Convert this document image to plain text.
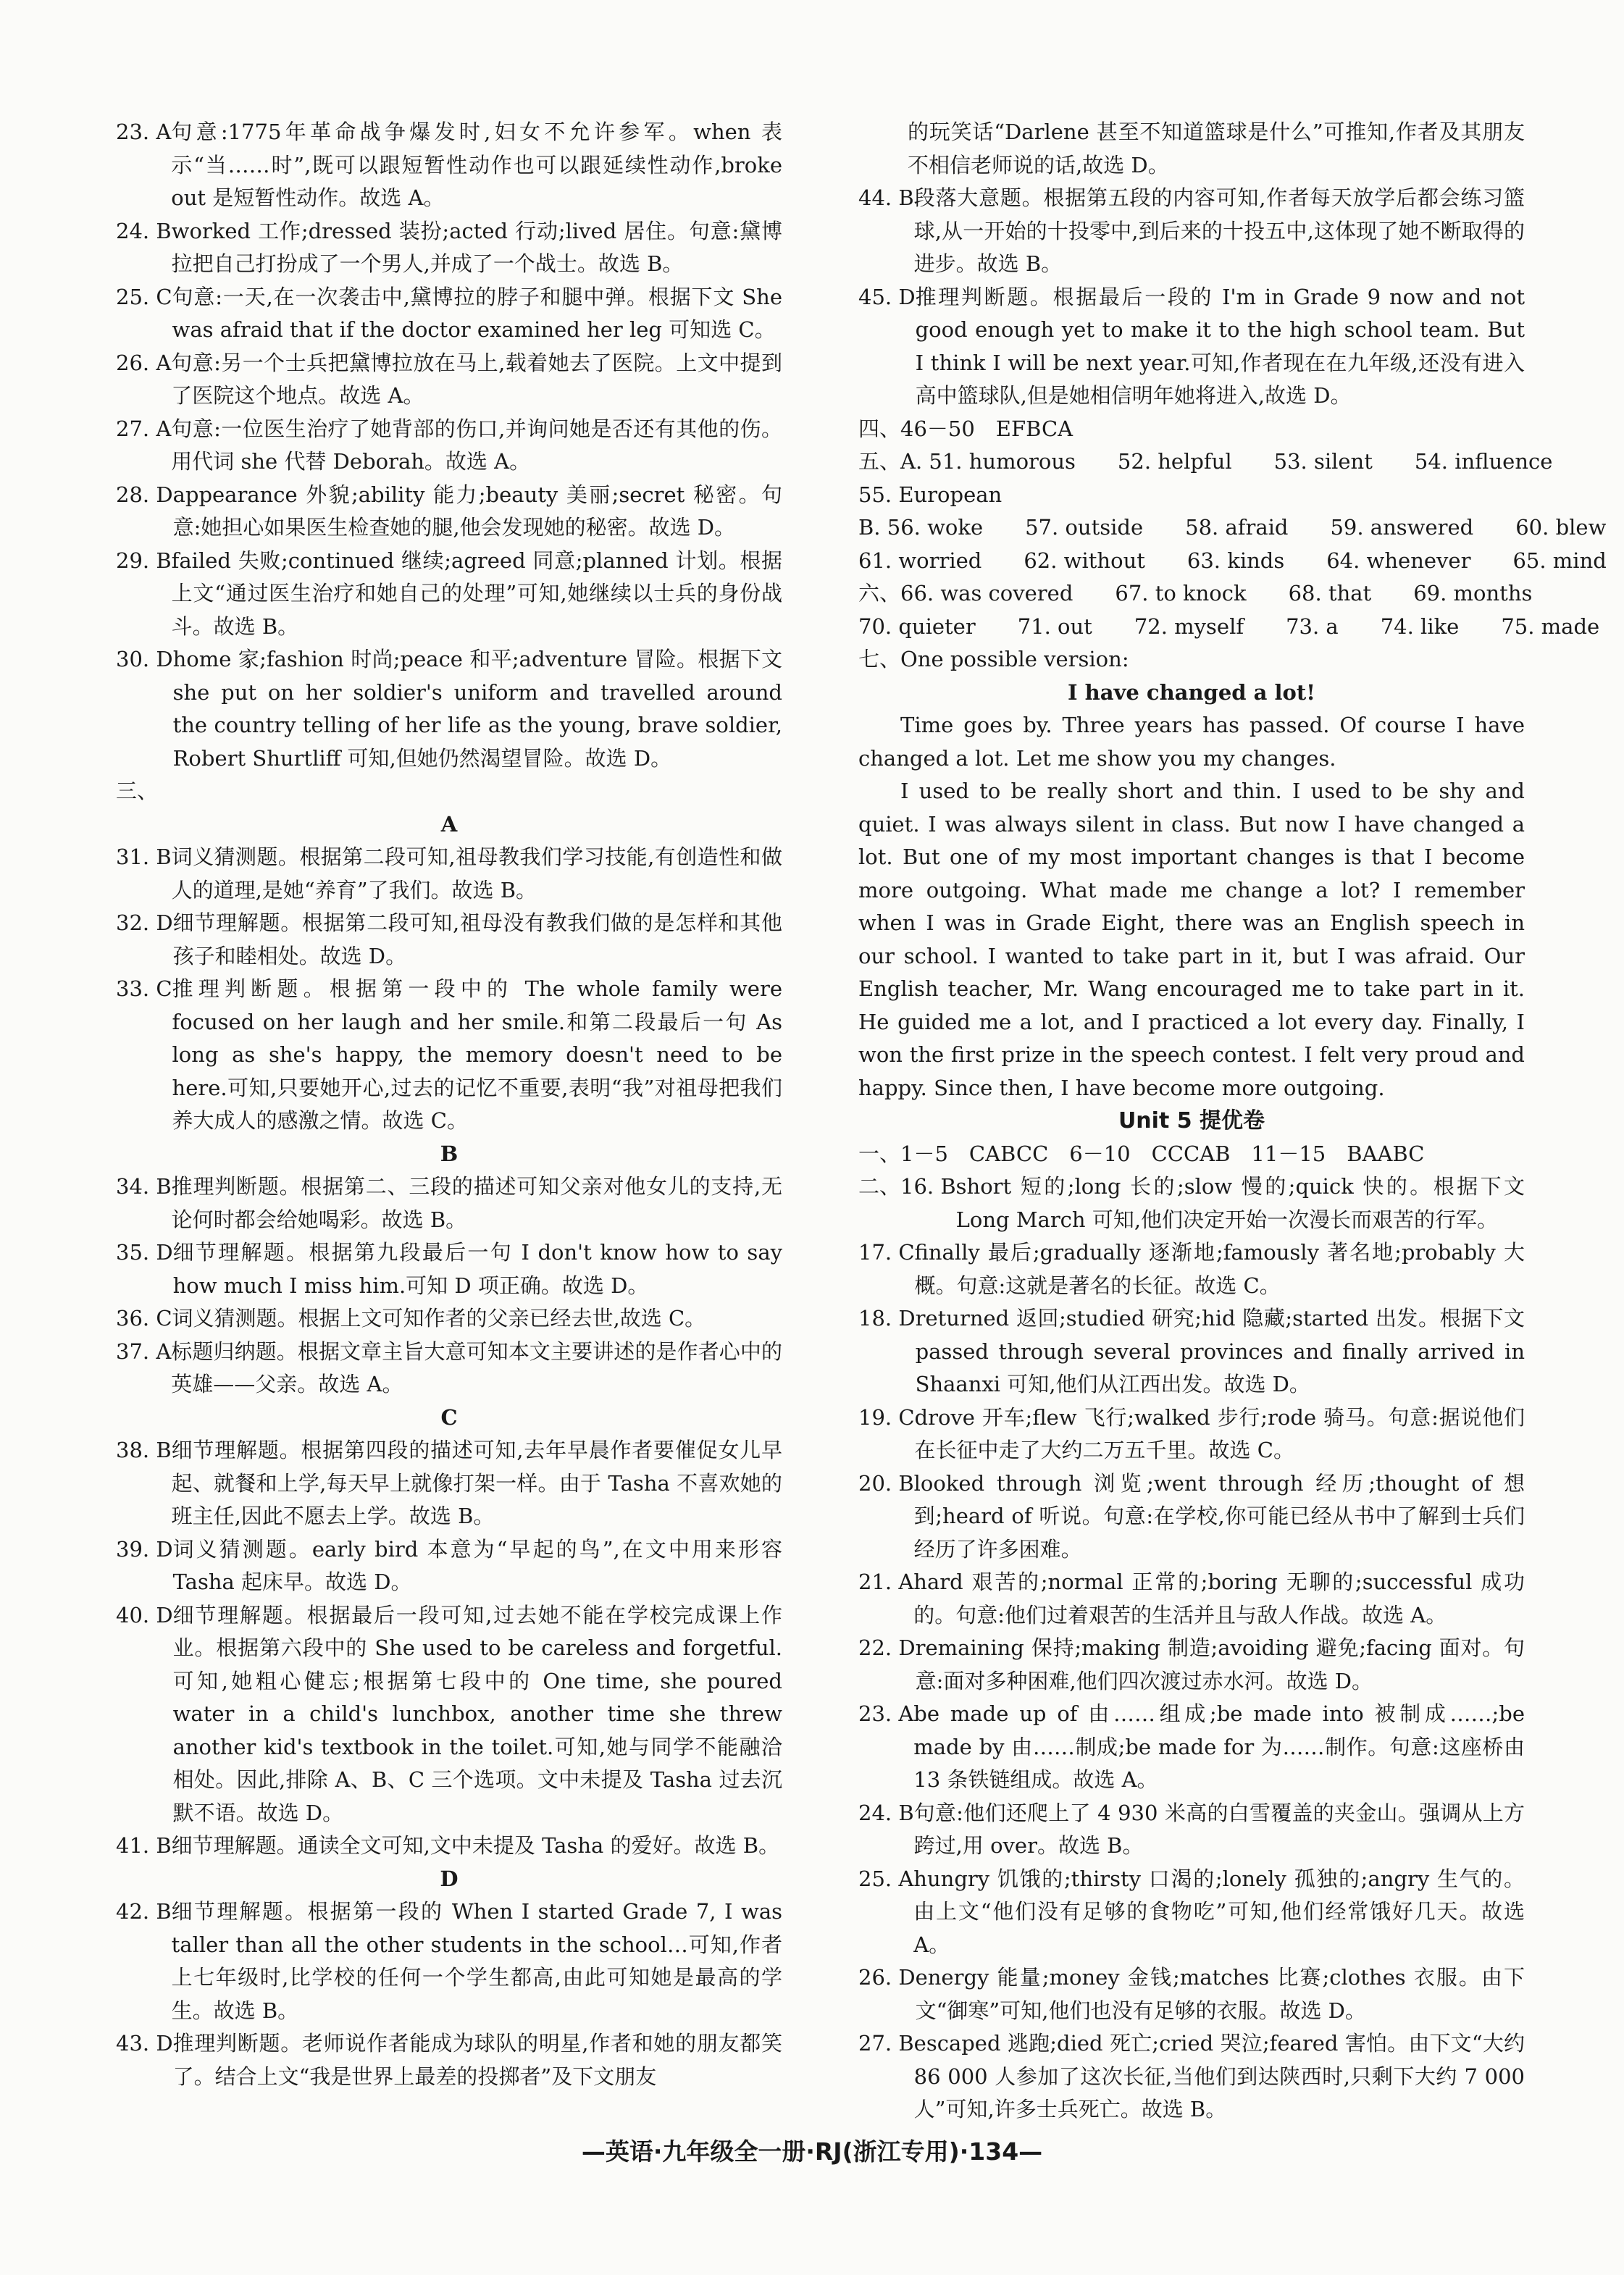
23. A 句意:1775年革命战争爆发时,妇女不允许参军。when 表示“当……时”,既可以跟短暂性动作也可以跟延续性动作,broke out 是短暂性动作。故选 A。
24. B worked 工作;dressed 装扮;acted 行动;lived 居住。句意:黛博拉把自己打扮成了一个男人,并成了一个战士。故选 B。
25. C 句意:一天,在一次袭击中,黛博拉的脖子和腿中弹。根据下文 She was afraid that if the doctor examined her leg 可知选 C。
26. A 句意:另一个士兵把黛博拉放在马上,载着她去了医院。上文中提到了医院这个地点。故选 A。
27. A 句意:一位医生治疗了她背部的伤口,并询问她是否还有其他的伤。用代词 she 代替 Deborah。故选 A。
28. D appearance 外貌;ability 能力;beauty 美丽;secret 秘密。句意:她担心如果医生检查她的腿,他会发现她的秘密。故选 D。
29. B failed 失败;continued 继续;agreed 同意;planned 计划。根据上文“通过医生治疗和她自己的处理”可知,她继续以士兵的身份战斗。故选 B。
30. D home 家;fashion 时尚;peace 和平;adventure 冒险。根据下文 she put on her soldier's uniform and travelled around the country telling of her life as the young, brave soldier, Robert Shurtliff 可知,但她仍然渴望冒险。故选 D。
三、
A
31. B 词义猜测题。根据第二段可知,祖母教我们学习技能,有创造性和做人的道理,是她“养育”了我们。故选 B。
32. D 细节理解题。根据第二段可知,祖母没有教我们做的是怎样和其他孩子和睦相处。故选 D。
33. C 推理判断题。根据第一段中的 The whole family were focused on her laugh and her smile.和第二段最后一句 As long as she's happy, the memory doesn't need to be here.可知,只要她开心,过去的记忆不重要,表明“我”对祖母把我们养大成人的感激之情。故选 C。
B
34. B 推理判断题。根据第二、三段的描述可知父亲对他女儿的支持,无论何时都会给她喝彩。故选 B。
35. D 细节理解题。根据第九段最后一句 I don't know how to say how much I miss him.可知 D 项正确。故选 D。
36. C 词义猜测题。根据上文可知作者的父亲已经去世,故选 C。
37. A 标题归纳题。根据文章主旨大意可知本文主要讲述的是作者心中的英雄——父亲。故选 A。
C
38. B 细节理解题。根据第四段的描述可知,去年早晨作者要催促女儿早起、就餐和上学,每天早上就像打架一样。由于 Tasha 不喜欢她的班主任,因此不愿去上学。故选 B。
39. D 词义猜测题。early bird 本意为“早起的鸟”,在文中用来形容 Tasha 起床早。故选 D。
40. D 细节理解题。根据最后一段可知,过去她不能在学校完成课上作业。根据第六段中的 She used to be careless and forgetful.可知,她粗心健忘;根据第七段中的 One time, she poured water in a child's lunchbox, another time she threw another kid's textbook in the toilet.可知,她与同学不能融洽相处。因此,排除 A、B、C 三个选项。文中未提及 Tasha 过去沉默不语。故选 D。
41. B 细节理解题。通读全文可知,文中未提及 Tasha 的爱好。故选 B。
D
42. B 细节理解题。根据第一段的 When I started Grade 7, I was taller than all the other students in the school…可知,作者上七年级时,比学校的任何一个学生都高,由此可知她是最高的学生。故选 B。
43. D 推理判断题。老师说作者能成为球队的明星,作者和她的朋友都笑了。结合上文“我是世界上最差的投掷者”及下文朋友
的玩笑话“Darlene 甚至不知道篮球是什么”可推知,作者及其朋友不相信老师说的话,故选 D。
44. B 段落大意题。根据第五段的内容可知,作者每天放学后都会练习篮球,从一开始的十投零中,到后来的十投五中,这体现了她不断取得的进步。故选 B。
45. D 推理判断题。根据最后一段的 I'm in Grade 9 now and not good enough yet to make it to the high school team. But I think I will be next year.可知,作者现在在九年级,还没有进入高中篮球队,但是她相信明年她将进入,故选 D。
四、46－50　EFBCA
五、A. 51. humorous　　52. helpful　　53. silent　　54. influence
55. European
B. 56. woke　　57. outside　　58. afraid　　59. answered　　60. blew
61. worried　　62. without　　63. kinds　　64. whenever　　65. mind
六、66. was covered　　67. to knock　　68. that　　69. months
70. quieter　　71. out　　72. myself　　73. a　　74. like　　75. made
七、One possible version:
I have changed a lot!
Time goes by. Three years has passed. Of course I have changed a lot. Let me show you my changes.
I used to be really short and thin. I used to be shy and quiet. I was always silent in class. But now I have changed a lot. But one of my most important changes is that I become more outgoing. What made me change a lot? I remember when I was in Grade Eight, there was an English speech in our school. I wanted to take part in it, but I was afraid. Our English teacher, Mr. Wang encouraged me to take part in it. He guided me a lot, and I practiced a lot every day. Finally, I won the first prize in the speech contest. I felt very proud and happy. Since then, I have become more outgoing.
Unit 5 提优卷
一、1－5　CABCC　6－10　CCCAB　11－15　BAABC
二、16. B short 短的;long 长的;slow 慢的;quick 快的。根据下文 Long March 可知,他们决定开始一次漫长而艰苦的行军。
17. C finally 最后;gradually 逐渐地;famously 著名地;probably 大概。句意:这就是著名的长征。故选 C。
18. D returned 返回;studied 研究;hid 隐藏;started 出发。根据下文 passed through several provinces and finally arrived in Shaanxi 可知,他们从江西出发。故选 D。
19. C drove 开车;flew 飞行;walked 步行;rode 骑马。句意:据说他们在长征中走了大约二万五千里。故选 C。
20. B looked through 浏览;went through 经历;thought of 想到;heard of 听说。句意:在学校,你可能已经从书中了解到士兵们经历了许多困难。
21. A hard 艰苦的;normal 正常的;boring 无聊的;successful 成功的。句意:他们过着艰苦的生活并且与敌人作战。故选 A。
22. D remaining 保持;making 制造;avoiding 避免;facing 面对。句意:面对多种困难,他们四次渡过赤水河。故选 D。
23. A be made up of 由……组成;be made into 被制成……;be made by 由……制成;be made for 为……制作。句意:这座桥由 13 条铁链组成。故选 A。
24. B 句意:他们还爬上了 4 930 米高的白雪覆盖的夹金山。强调从上方跨过,用 over。故选 B。
25. A hungry 饥饿的;thirsty 口渴的;lonely 孤独的;angry 生气的。由上文“他们没有足够的食物吃”可知,他们经常饿好几天。故选 A。
26. D energy 能量;money 金钱;matches 比赛;clothes 衣服。由下文“御寒”可知,他们也没有足够的衣服。故选 D。
27. B escaped 逃跑;died 死亡;cried 哭泣;feared 害怕。由下文“大约 86 000 人参加了这次长征,当他们到达陕西时,只剩下大约 7 000 人”可知,许多士兵死亡。故选 B。
—英语·九年级全一册·RJ(浙江专用)·134—
